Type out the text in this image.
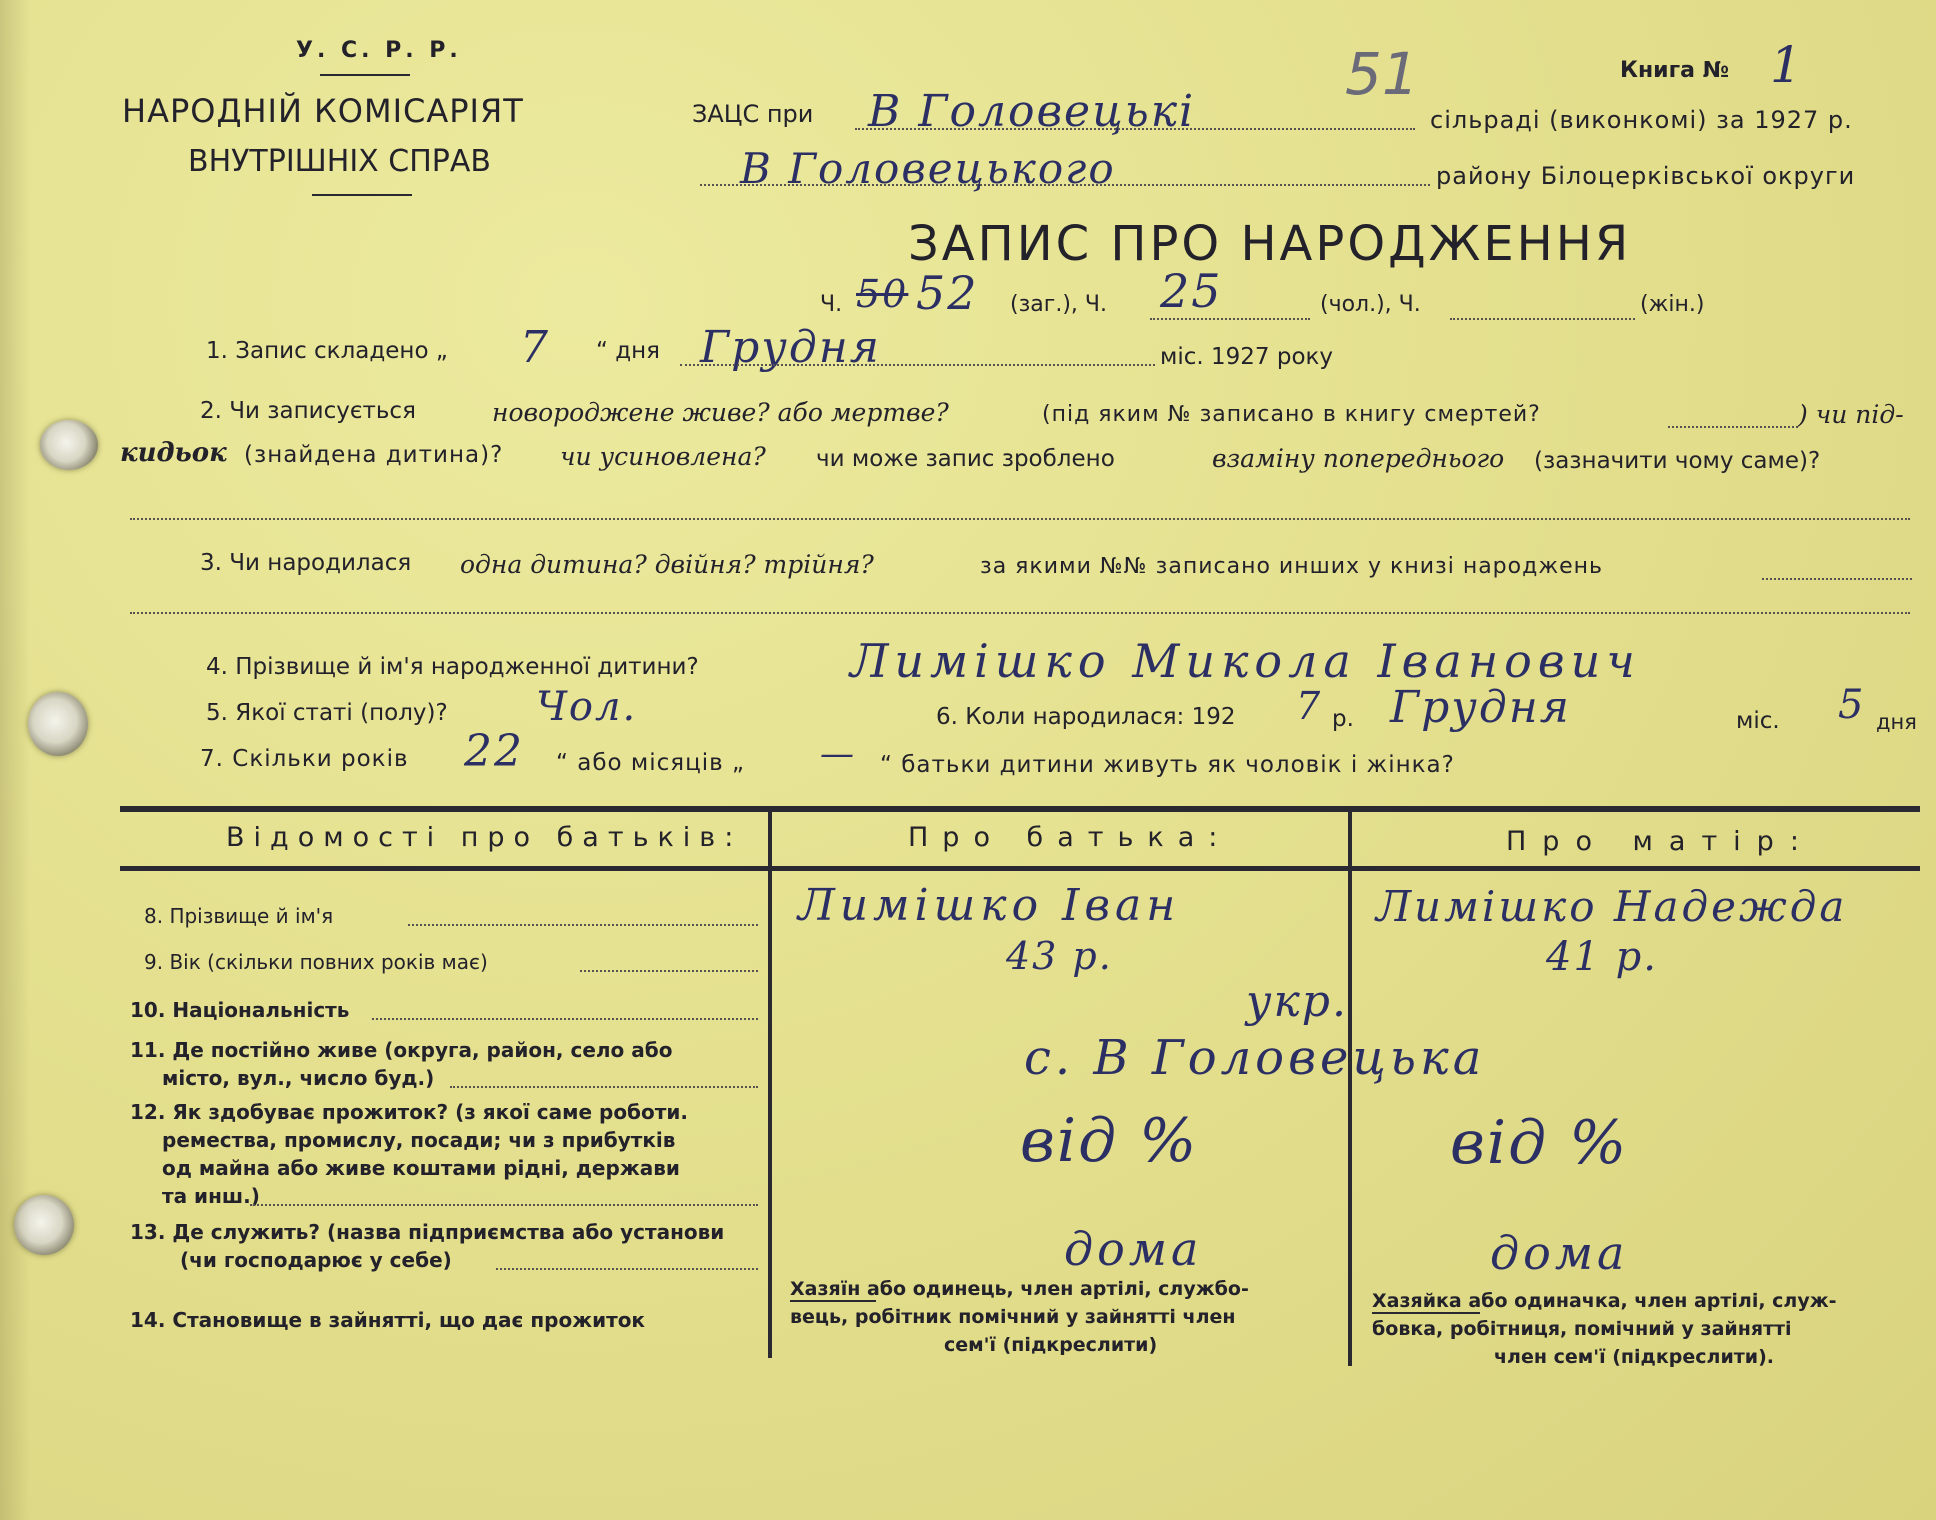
У. С. Р. Р.
НАРОДНІЙ КОМІСАРІЯТ
ВНУТРІШНІХ СПРАВ
Книга № 1
51
ЗАЦС при В Головецькі	сільраді (виконкомі) за 1927 р.
В Головецького	району Білоцерківської округи
ЗАПИС ПРО НАРОДЖЕННЯ
Ч. 50 52 (заг.), Ч. 25	(чол.), Ч.	(жін.)
1. Запис складено „ 7 “ дня Грудня	міс. 1927 року
2. Чи записується	новороджене живе? або мертве?	(під яким № записано в книгу смертей?	) чи під-
кидьок (знайдена дитина)? чи усиновлена? чи може запис зроблено	взаміну попереднього (зазначити чому саме)?
3. Чи народилася одна дитина? двійня? трійня?	за якими №№ записано инших у книзі народжень
4. Прізвище й ім'я народженної дитини?	Лимішко Микола Іванович
5. Якої статі (полу)? Чол.	6. Коли народилася: 192 7 р. Грудня	міс. 5 дня
7. Скільки років 22 “ або місяців „ — “ батьки дитини живуть як чоловік і жінка?
Відомості про батьків:	Про батька:	Про матір:
8. Прізвище й ім'я	Лимішко Іван	Лимішко Надежда
9. Вік (скільки повних років має)	43 р.	41 р.
10. Національність	укр.
11. Де постійно живе (округа, район, село або
місто, вул., число буд.)	с. В Головецька
12. Як здобуває прожиток? (з якої саме роботи.
ремества, промислу, посади; чи з прибутків
од майна або живе коштами рідні, держави
та инш.)
від %	від %
13. Де служить? (назва підприємства або установи
(чи господарює у себе)	дома	дома
14. Становище в зайнятті, що дає прожиток
Хазяїн або одинець, член артілі, службо-
вець, робітник помічний у зайнятті член
сем'ї (підкреслити)
Хазяйка або одиначка, член артілі, служ-
бовка, робітниця, помічний у зайнятті
член сем'ї (підкреслити).
